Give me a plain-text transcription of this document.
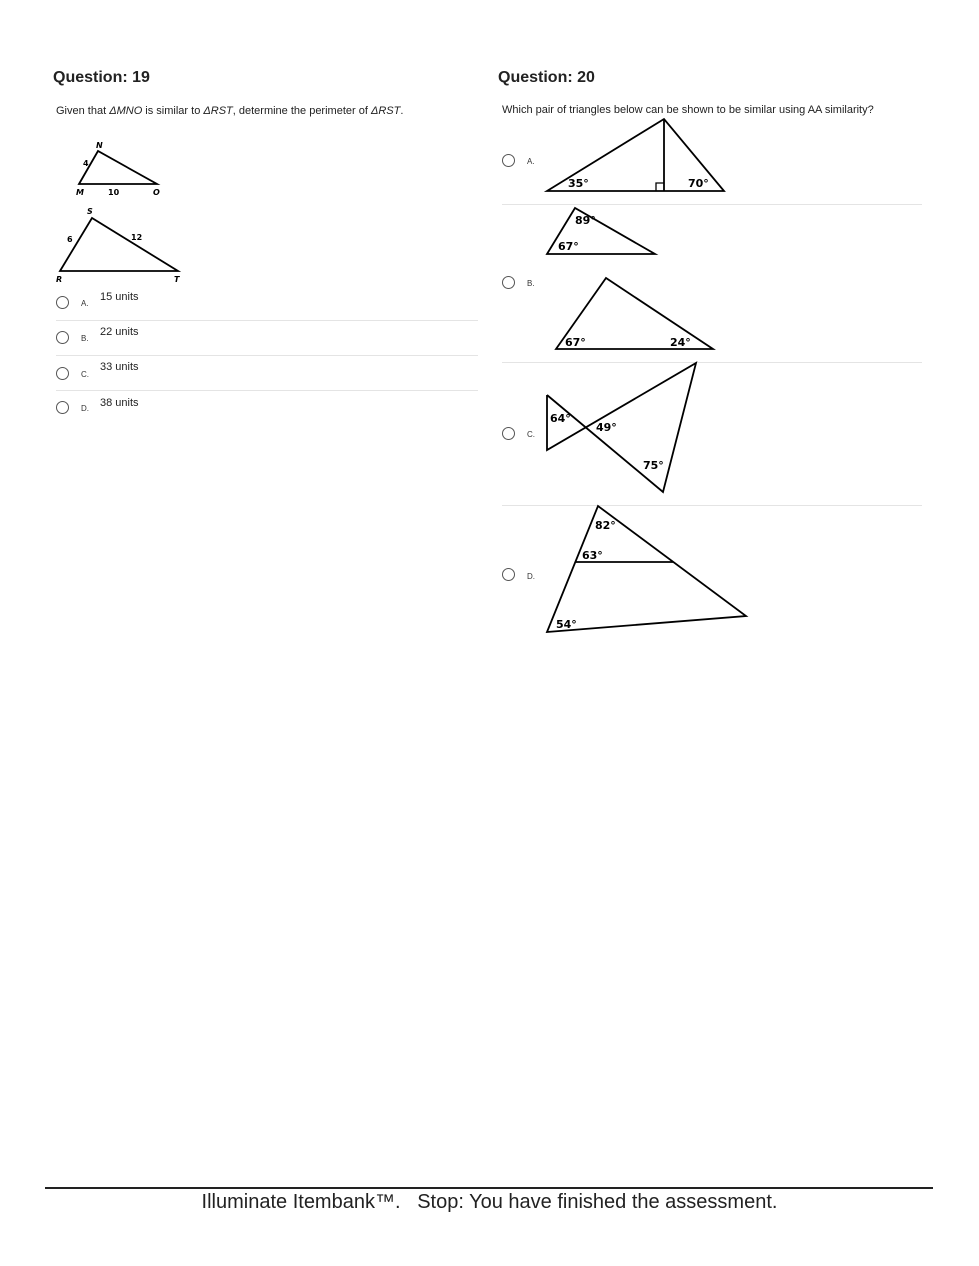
Question: 19
Given that ΔMNO is similar to ΔRST, determine the perimeter of ΔRST.
N
M	O
4
10
S
R	T
6	12
A.
15 units
B.
22 units
C.
33 units
D. 38 units
Question: 20
Which pair of triangles below can be shown to be similar using AA similarity?
A.
35°	70°
89°
67°
B.
67°	24°
C.
64°
49°
75°
D.
82°
63°
54°
Illuminate Itembank™. Stop: You have finished the assessment.
